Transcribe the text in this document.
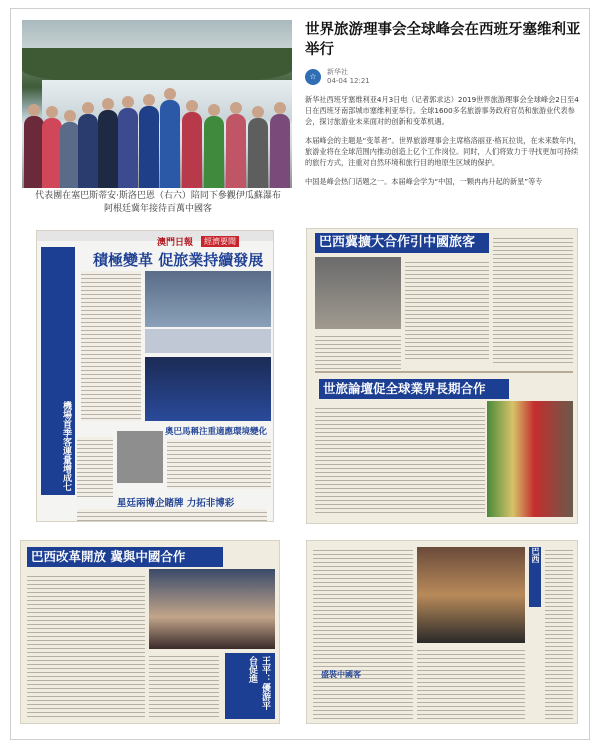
代表團在塞巴斯蒂安·斯洛巴恩（右六）陪同下參觀伊瓜蘇瀑布
阿根廷冀年接待百萬中國客
世界旅游理事会全球峰会在西班牙塞维利亚举行
☆	新华社
04-04 12:21

新华社西班牙塞维利亚4月3日电（记者郭求达）2019世界旅游理事会全球峰会2日至4日在西班牙南部城市塞维利亚举行。全球1600多名旅游事务政府官员和旅游业代表参会，探讨旅游业未来面对的创新和变革机遇。

本届峰会的主题是“变革者”。世界旅游理事会主席格洛丽亚·格瓦拉说，在未来数年内，旅游业将在全球范围内推动创造上亿个工作岗位。同时，人们将致力于寻找更加可持续的旅行方式，注重对自然环境和旅行目的地原生区域的保护。

中国是峰会热门话题之一。本届峰会学为“中国，一颗冉冉升起的新星”等专

澳門日報	經濟要聞
積極變革 促旅業持續發展
機場首季客運量增成七	奧巴馬稱注重適應環境變化
星廷兩博企賭牌 力拓非博彩
巴西冀擴大合作引中國旅客
世旅論壇促全球業界長期合作
巴西改革開放 冀與中國合作
王平：優游平台促進	盛裝中國客
巴西
